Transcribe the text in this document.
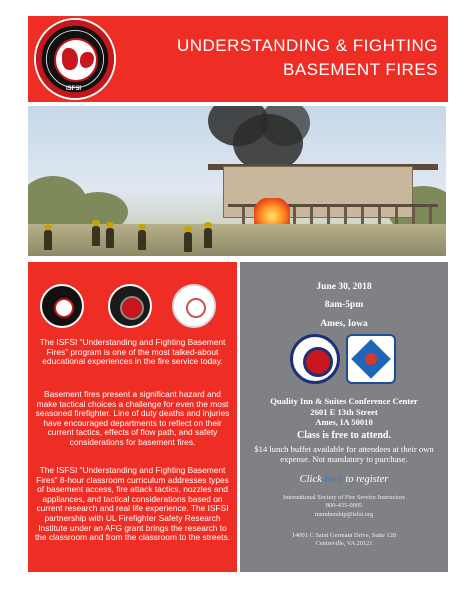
ISFSI
UNDERSTANDING & FIGHTING
BASEMENT FIRES
The ISFSI “Understanding and Fighting Basement Fires” program is one of the most talked-about educational experiences in the fire service today.
Basement fires present a significant hazard and make tactical choices a challenge for even the most seasoned firefighter. Line of duty deaths and injuries have encouraged departments to reflect on their current tactics, effects of flow path, and safety considerations for basement fires.
The ISFSI “Understanding and Fighting Basement Fires” 8-hour classroom curriculum addresses types of basement access, fire attack tactics, nozzles and appliances, and tactical considerations based on current research and real life experience. The ISFSI partnership with UL Firefighter Safety Research Institute under an AFG grant brings the research to the classroom and from the classroom to the streets.
June 30, 2018
8am-5pm
Ames, Iowa
Quality Inn & Suites Conference Center
2601 E 13th Street
Ames, IA 50010
Class is free to attend.
$14 lunch buffet available for attendees at their own expense. Not mandatory to purchase.
Click here to register
International Society of Fire Service Instructors
800-435-0005
membership@isfsi.org
14001 C Saint Germain Drive, Suite 128
Centreville, VA 20121
